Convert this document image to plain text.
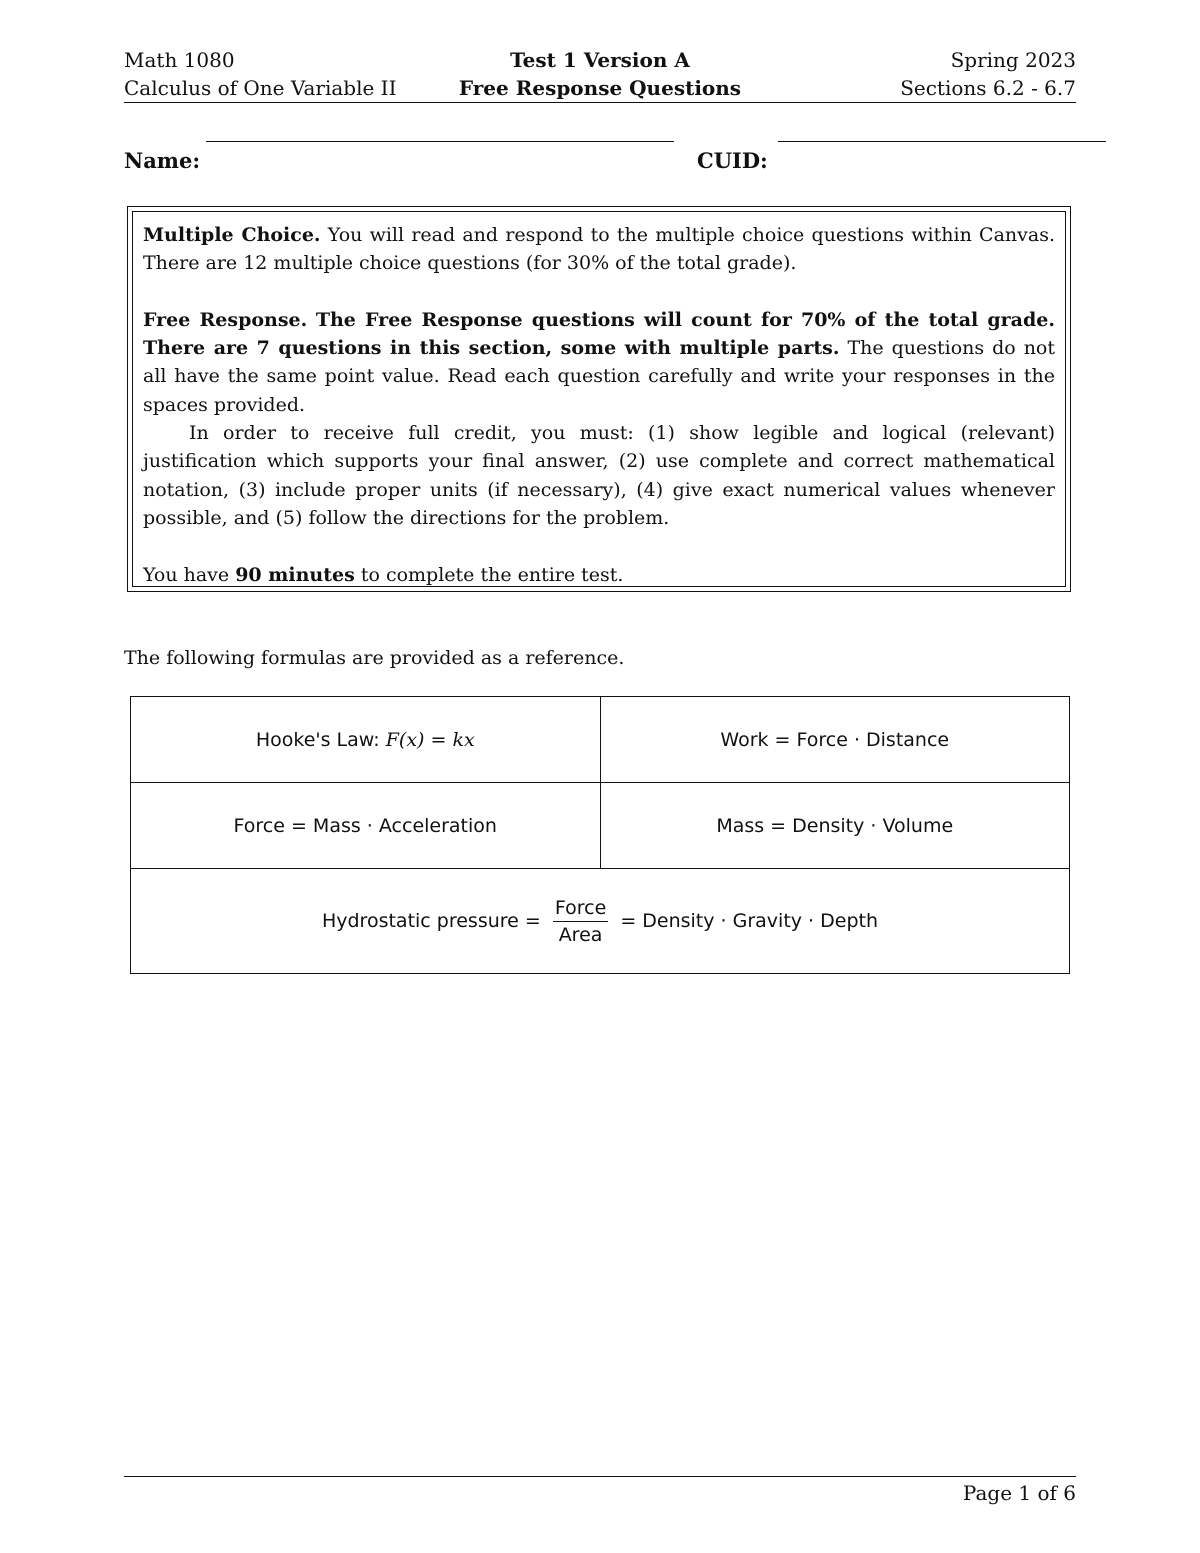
Math 1080
Calculus of One Variable II
Test 1 Version A
Free Response Questions
Spring 2023
Sections 6.2 - 6.7
Name:	CUID:

Multiple Choice. You will read and respond to the multiple choice questions within Canvas. There are 12 multiple choice questions (for 30% of the total grade).

Free Response. The Free Response questions will count for 70% of the total grade. There are 7 questions in this section, some with multiple parts. The questions do not all have the same point value. Read each question carefully and write your responses in the spaces provided.

In order to receive full credit, you must: (1) show legible and logical (relevant) justification which supports your final answer, (2) use complete and correct mathematical notation, (3) include proper units (if necessary), (4) give exact numerical values whenever possible, and (5) follow the directions for the problem.

You have 90 minutes to complete the entire test.

The following formulas are provided as a reference.
Hooke's Law: F(x) = kx	Work = Force · Distance
Force = Mass · Acceleration	Mass = Density · Volume
Hydrostatic pressure = $\frac{\text{Force}}{\text{Area}}$ = Density · Gravity · Depth	
Page 1 of 6
